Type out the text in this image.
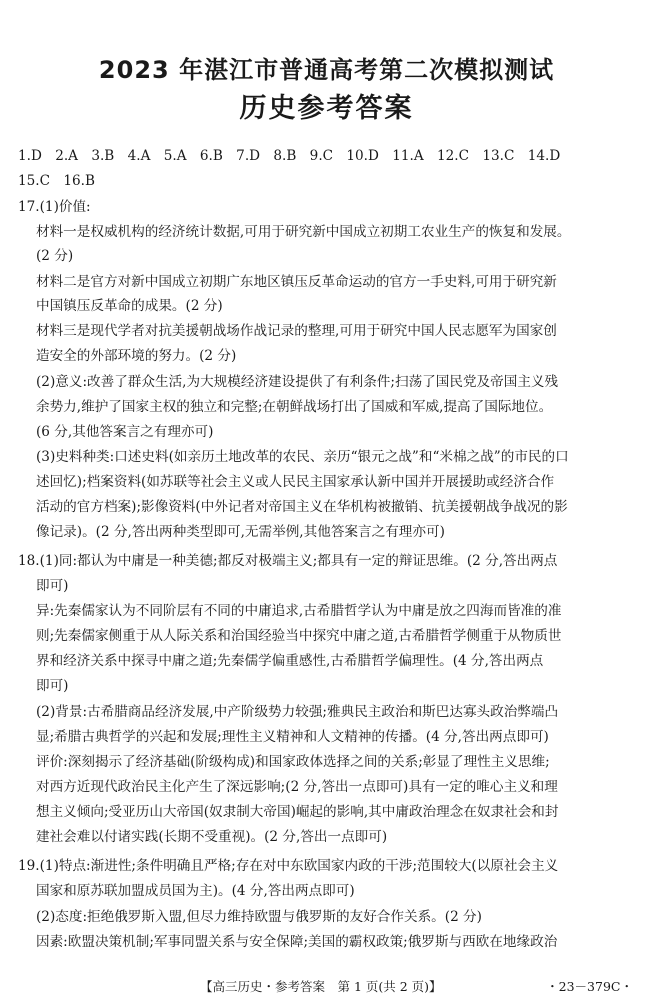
2023 年湛江市普通高考第二次模拟测试
历史参考答案
1.D 2.A 3.B 4.A 5.A 6.B 7.D 8.B 9.C 10.D 11.A 12.C 13.C 14.D
15.C 16.B
17.(1)价值:
材料一是权威机构的经济统计数据,可用于研究新中国成立初期工农业生产的恢复和发展。
(2 分)
材料二是官方对新中国成立初期广东地区镇压反革命运动的官方一手史料,可用于研究新
中国镇压反革命的成果。(2 分)
材料三是现代学者对抗美援朝战场作战记录的整理,可用于研究中国人民志愿军为国家创
造安全的外部环境的努力。(2 分)
(2)意义:改善了群众生活,为大规模经济建设提供了有利条件;扫荡了国民党及帝国主义残
余势力,维护了国家主权的独立和完整;在朝鲜战场打出了国威和军威,提高了国际地位。
(6 分,其他答案言之有理亦可)
(3)史料种类:口述史料(如亲历土地改革的农民、亲历“银元之战”和“米棉之战”的市民的口
述回忆);档案资料(如苏联等社会主义或人民民主国家承认新中国并开展援助或经济合作
活动的官方档案);影像资料(中外记者对帝国主义在华机构被撤销、抗美援朝战争战况的影
像记录)。(2 分,答出两种类型即可,无需举例,其他答案言之有理亦可)
18.(1)同:都认为中庸是一种美德;都反对极端主义;都具有一定的辩证思维。(2 分,答出两点
即可)
异:先秦儒家认为不同阶层有不同的中庸追求,古希腊哲学认为中庸是放之四海而皆准的准
则;先秦儒家侧重于从人际关系和治国经验当中探究中庸之道,古希腊哲学侧重于从物质世
界和经济关系中探寻中庸之道;先秦儒学偏重感性,古希腊哲学偏理性。(4 分,答出两点
即可)
(2)背景:古希腊商品经济发展,中产阶级势力较强;雅典民主政治和斯巴达寡头政治弊端凸
显;希腊古典哲学的兴起和发展;理性主义精神和人文精神的传播。(4 分,答出两点即可)
评价:深刻揭示了经济基础(阶级构成)和国家政体选择之间的关系;彰显了理性主义思维;
对西方近现代政治民主化产生了深远影响;(2 分,答出一点即可)具有一定的唯心主义和理
想主义倾向;受亚历山大帝国(奴隶制大帝国)崛起的影响,其中庸政治理念在奴隶社会和封
建社会难以付诸实践(长期不受重视)。(2 分,答出一点即可)
19.(1)特点:渐进性;条件明确且严格;存在对中东欧国家内政的干涉;范围较大(以原社会主义
国家和原苏联加盟成员国为主)。(4 分,答出两点即可)
(2)态度:拒绝俄罗斯入盟,但尽力维持欧盟与俄罗斯的友好合作关系。(2 分)
因素:欧盟决策机制;军事同盟关系与安全保障;美国的霸权政策;俄罗斯与西欧在地缘政治
【高三历史・参考答案　第 1 页(共 2 页)】	・23－379C・
